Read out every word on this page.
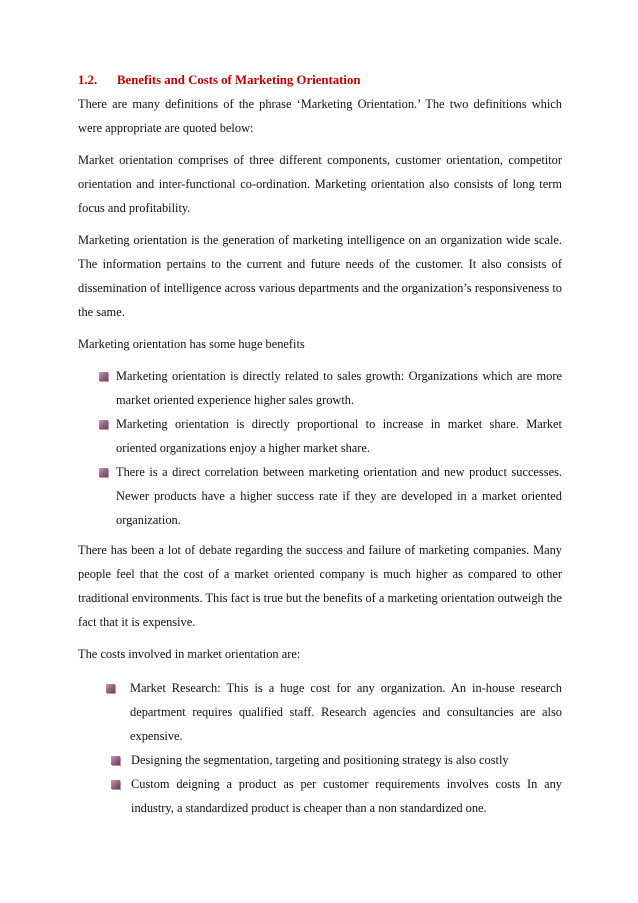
1.2.	Benefits and Costs of Marketing Orientation

There are many definitions of the phrase ‘Marketing Orientation.’ The two definitions which were appropriate are quoted below:

Market orientation comprises of three different components, customer orientation, competitor orientation and inter-functional co-ordination. Marketing orientation also consists of long term focus and profitability.

Marketing orientation is the generation of marketing intelligence on an organization wide scale. The information pertains to the current and future needs of the customer. It also consists of dissemination of intelligence across various departments and the organization’s responsiveness to the same.

Marketing orientation has some huge benefits

Marketing orientation is directly related to sales growth: Organizations which are more market oriented experience higher sales growth.
Marketing orientation is directly proportional to increase in market share. Market oriented organizations enjoy a higher market share.
There is a direct correlation between marketing orientation and new product successes. Newer products have a higher success rate if they are developed in a market oriented organization.

There has been a lot of debate regarding the success and failure of marketing companies. Many people feel that the cost of a market oriented company is much higher as compared to other traditional environments. This fact is true but the benefits of a marketing orientation outweigh the fact that it is expensive.

The costs involved in market orientation are:

Market Research: This is a huge cost for any organization. An in-house research department requires qualified staff. Research agencies and consultancies are also expensive.
Designing the segmentation, targeting and positioning strategy is also costly
Custom deigning a product as per customer requirements involves costs In any industry, a standardized product is cheaper than a non standardized one.
